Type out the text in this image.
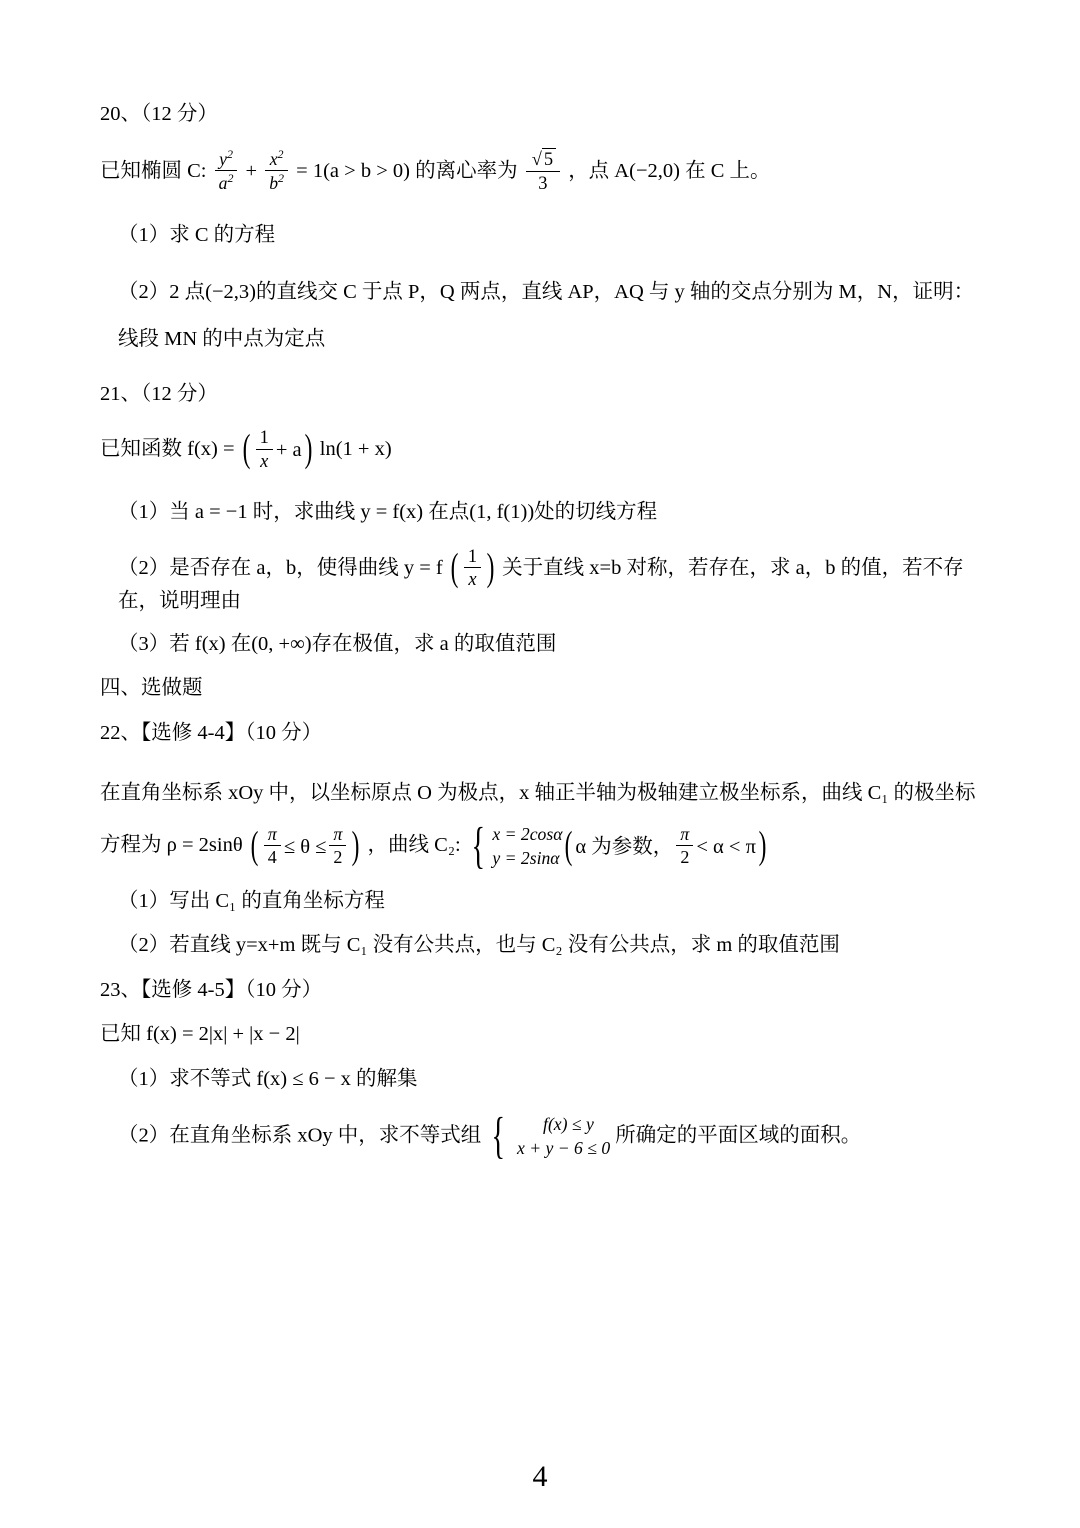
20、（12 分）
已知椭圆 C: $\frac{y^2}{a^2} + \frac{x^2}{b^2} = 1(a > b > 0)$ 的离心率为 $\frac{√ 5}{3}$ ，点 A(−2,0) 在 C 上。
（1）求 C 的方程
（2）2 点(−2,3)的直线交 C 于点 P，Q 两点，直线 AP，AQ 与 y 轴的交点分别为 M，N，证明：线段 MN 的中点为定点
21、（12 分）
已知函数 f(x) = ( $\frac{1}{x} + a$ ) ln(1 + x)
（1）当 a = −1 时，求曲线 y = f(x) 在点(1, f(1))处的切线方程
（2）是否存在 a，b，使得曲线 y = f ( $\frac{1}{x}$ ) 关于直线 x=b 对称，若存在，求 a，b 的值，若不存在，说明理由
（3）若 f(x) 在(0, +∞)存在极值，求 a 的取值范围
四、选做题
22、【选修 4-4】（10 分）
在直角坐标系 xOy 中，以坐标原点 O 为极点，x 轴正半轴为极轴建立极坐标系，曲线 C₁ 的极坐标方程为 ρ = 2sinθ ( $\frac{\pi}{4} \le \theta \le \frac{\pi}{2}$ ) ，曲线 C₂: { x = 2cosα
y = 2sinα ( α 为参数， $\frac{\pi}{2} < \alpha < \pi$ )
（1）写出 C₁ 的直角坐标方程
（2）若直线 y=x+m 既与 C₁ 没有公共点，也与 C₂ 没有公共点，求 m 的取值范围
23、【选修 4-5】（10 分）
已知 f(x) = 2|x| + |x − 2|
（1）求不等式 f(x) ≤ 6 − x 的解集
（2）在直角坐标系 xOy 中，求不等式组 {	f(x) ≤ y
x + y − 6 ≤ 0
所确定的平面区域的面积。
4
